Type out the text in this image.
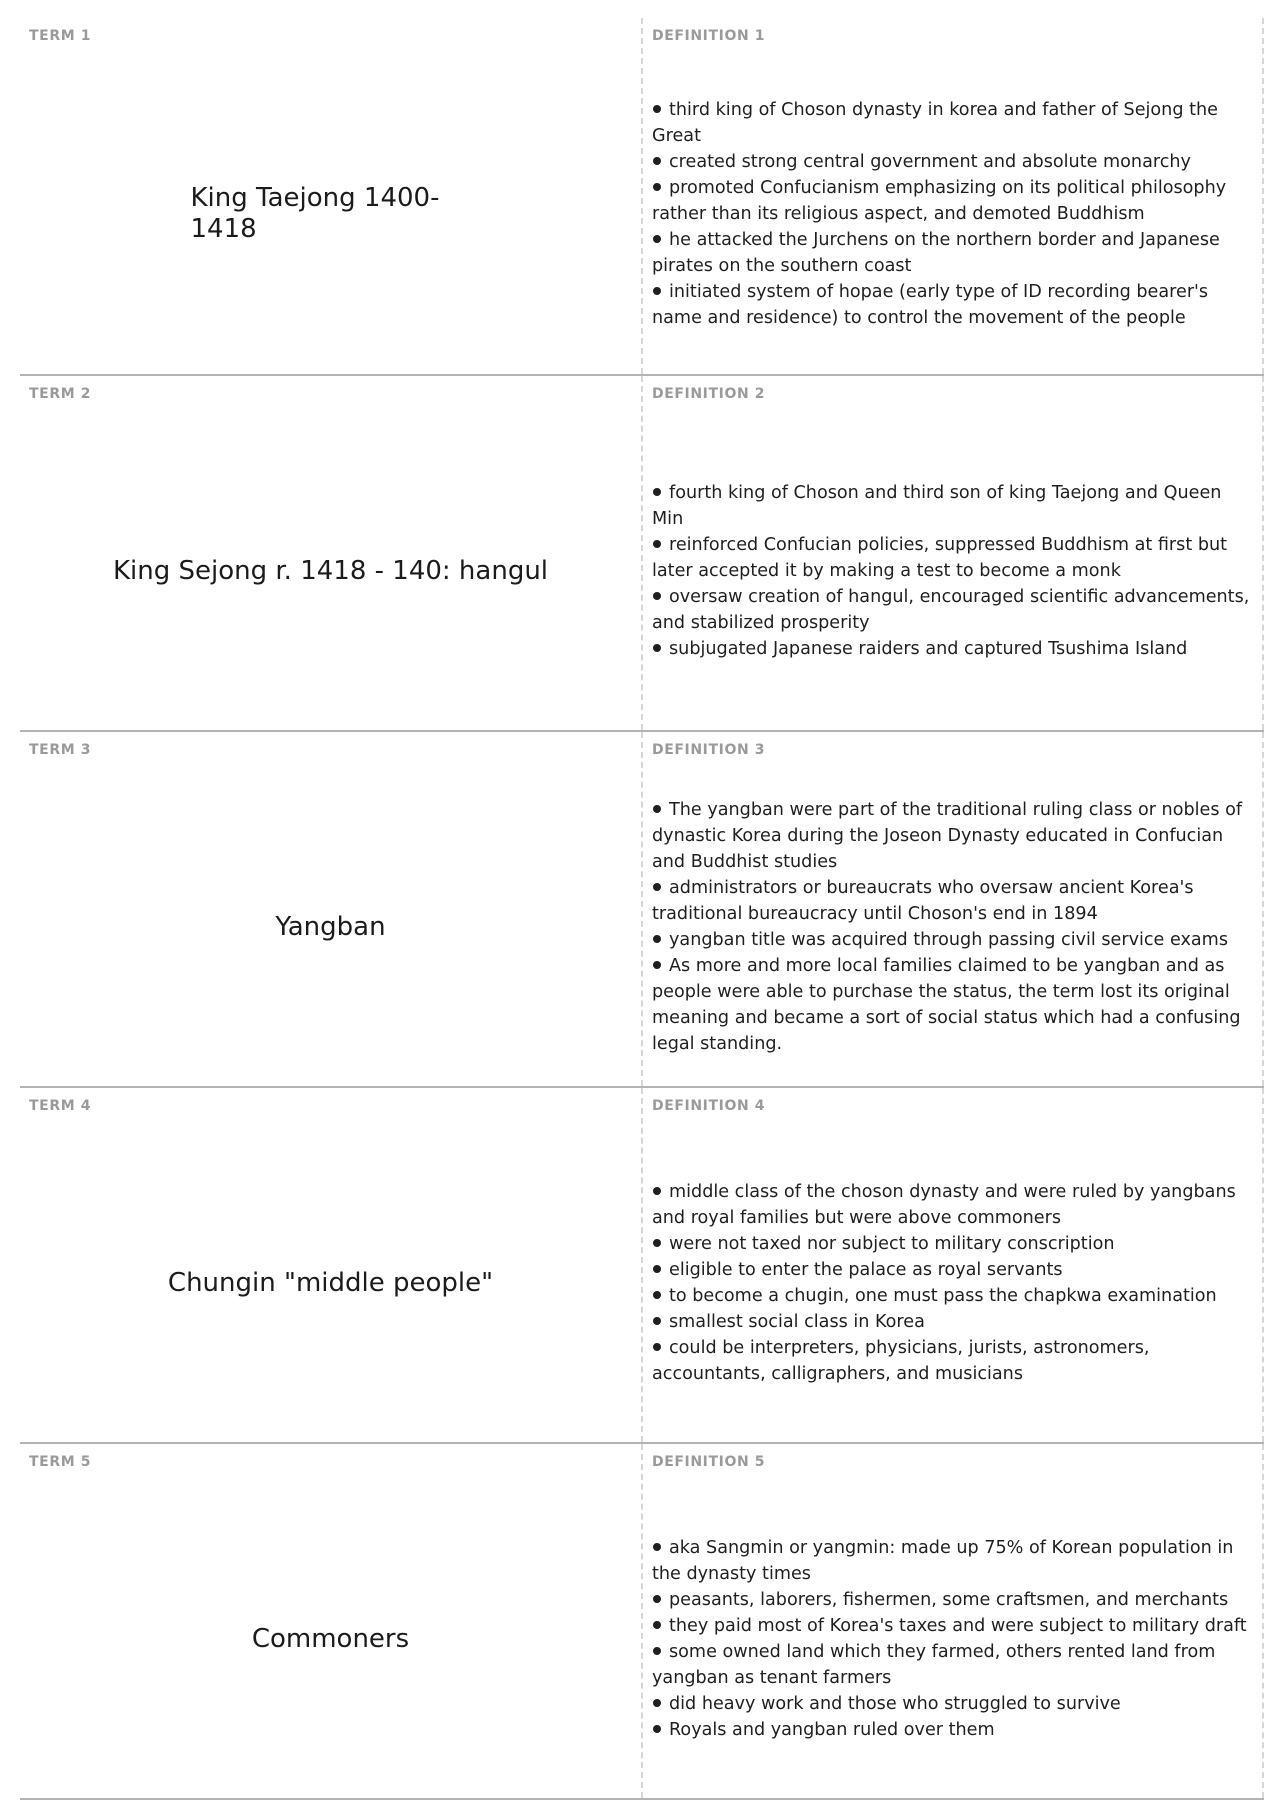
TERM 1
King Taejong 1400-1418
DEFINITION 1
third king of Choson dynasty in korea and father of Sejong the Great
created strong central government and absolute monarchy
promoted Confucianism emphasizing on its political philosophy rather than its religious aspect, and demoted Buddhism
he attacked the Jurchens on the northern border and Japanese pirates on the southern coast
initiated system of hopae (early type of ID recording bearer's name and residence) to control the movement of the people
TERM 2
King Sejong r. 1418 - 140: hangul
DEFINITION 2
fourth king of Choson and third son of king Taejong and Queen Min
reinforced Confucian policies, suppressed Buddhism at first but later accepted it by making a test to become a monk
oversaw creation of hangul, encouraged scientific advancements, and stabilized prosperity
subjugated Japanese raiders and captured Tsushima Island
TERM 3
Yangban
DEFINITION 3
The yangban were part of the traditional ruling class or nobles of dynastic Korea during the Joseon Dynasty educated in Confucian and Buddhist studies
administrators or bureaucrats who oversaw ancient Korea's traditional bureaucracy until Choson's end in 1894
yangban title was acquired through passing civil service exams
As more and more local families claimed to be yangban and as people were able to purchase the status, the term lost its original meaning and became a sort of social status which had a confusing legal standing.
TERM 4
Chungin "middle people"
DEFINITION 4
middle class of the choson dynasty and were ruled by yangbans and royal families but were above commoners
were not taxed nor subject to military conscription
eligible to enter the palace as royal servants
to become a chugin, one must pass the chapkwa examination
smallest social class in Korea
could be interpreters, physicians, jurists, astronomers, accountants, calligraphers, and musicians
TERM 5
Commoners
DEFINITION 5
aka Sangmin or yangmin: made up 75% of Korean population in the dynasty times
peasants, laborers, fishermen, some craftsmen, and merchants
they paid most of Korea's taxes and were subject to military draft
some owned land which they farmed, others rented land from yangban as tenant farmers
did heavy work and those who struggled to survive
Royals and yangban ruled over them
